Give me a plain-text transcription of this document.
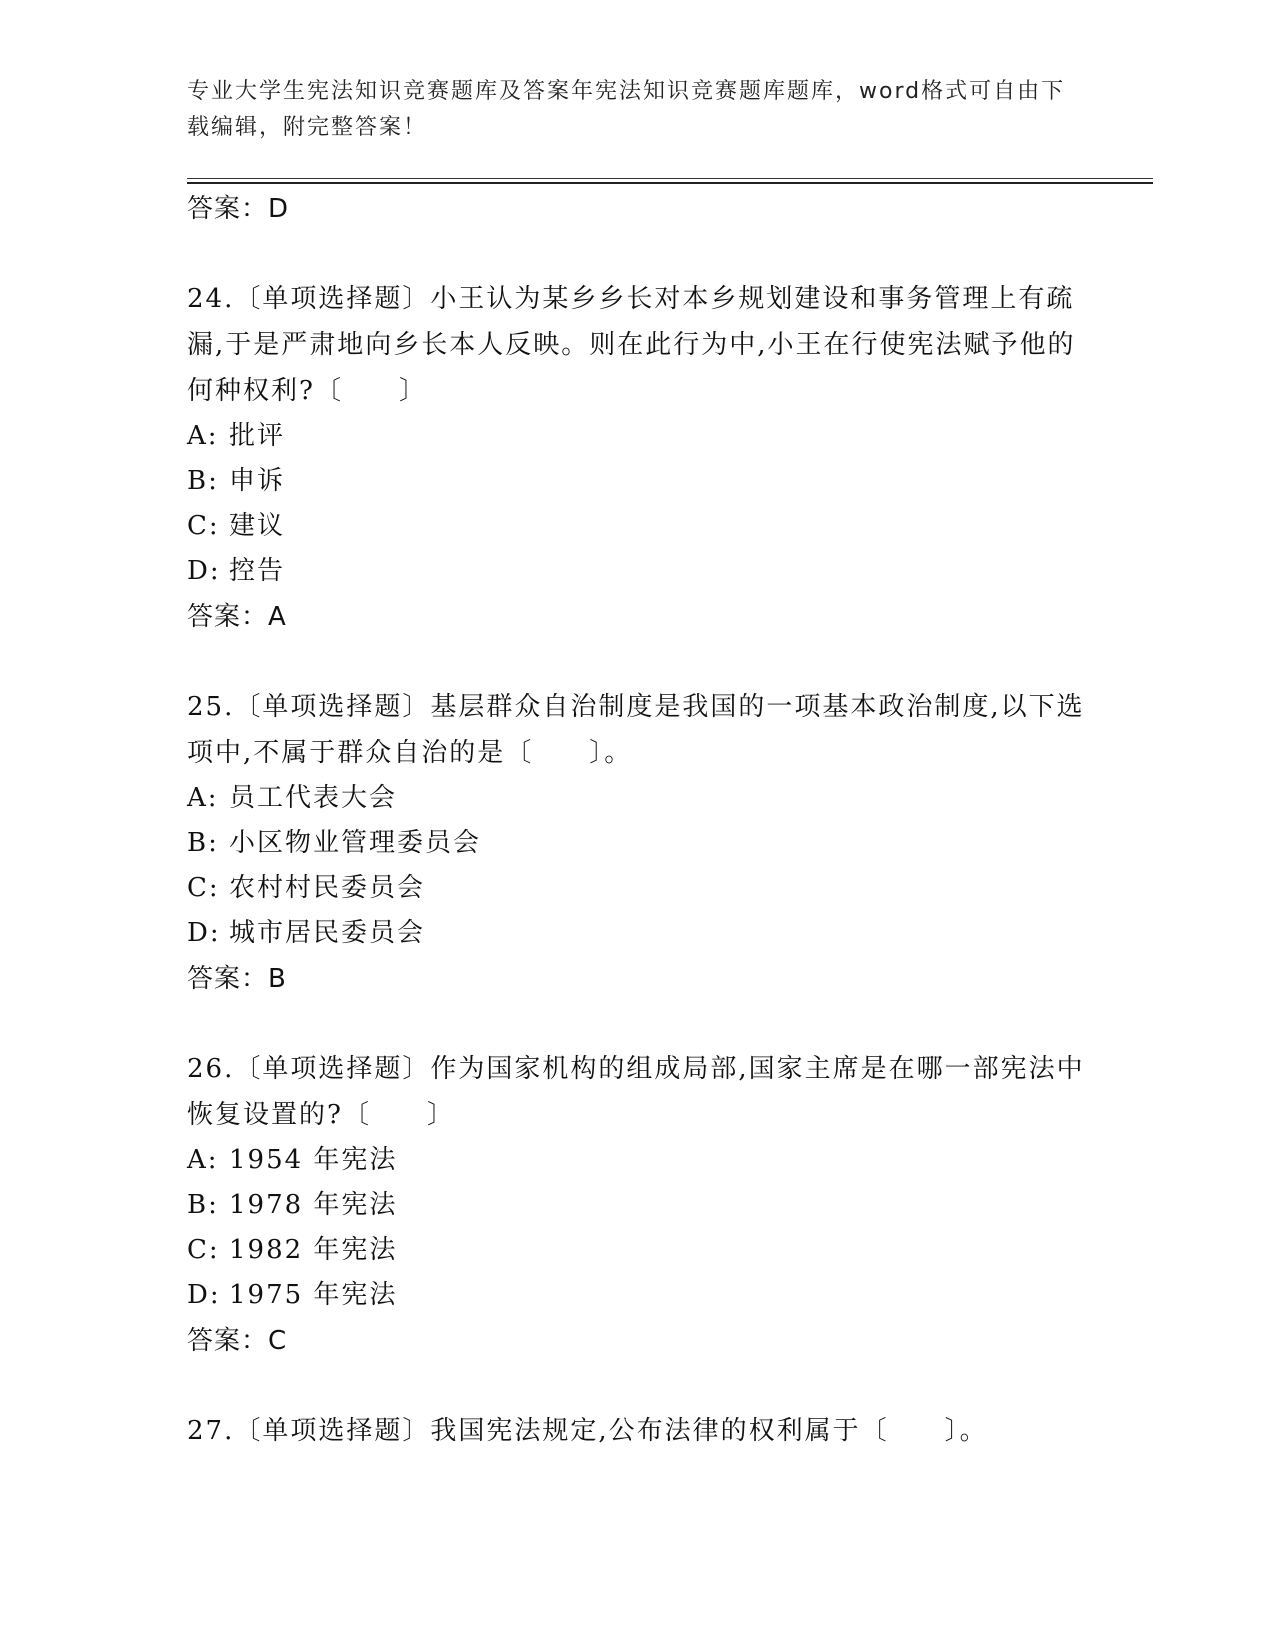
专业大学生宪法知识竞赛题库及答案年宪法知识竞赛题库题库，word格式可自由下载编辑，附完整答案！
答案：D

24.〔单项选择题〕小王认为某乡乡长对本乡规划建设和事务管理上有疏漏,于是严肃地向乡长本人反映。则在此行为中,小王在行使宪法赋予他的何种权利?〔　　〕

A: 批评
B: 申诉
C: 建议
D: 控告
答案：A

25.〔单项选择题〕基层群众自治制度是我国的一项基本政治制度,以下选项中,不属于群众自治的是〔　　〕。

A: 员工代表大会
B: 小区物业管理委员会
C: 农村村民委员会
D: 城市居民委员会
答案：B

26.〔单项选择题〕作为国家机构的组成局部,国家主席是在哪一部宪法中恢复设置的?〔　　〕

A: 1954 年宪法
B: 1978 年宪法
C: 1982 年宪法
D: 1975 年宪法
答案：C

27.〔单项选择题〕我国宪法规定,公布法律的权利属于〔　　〕。
